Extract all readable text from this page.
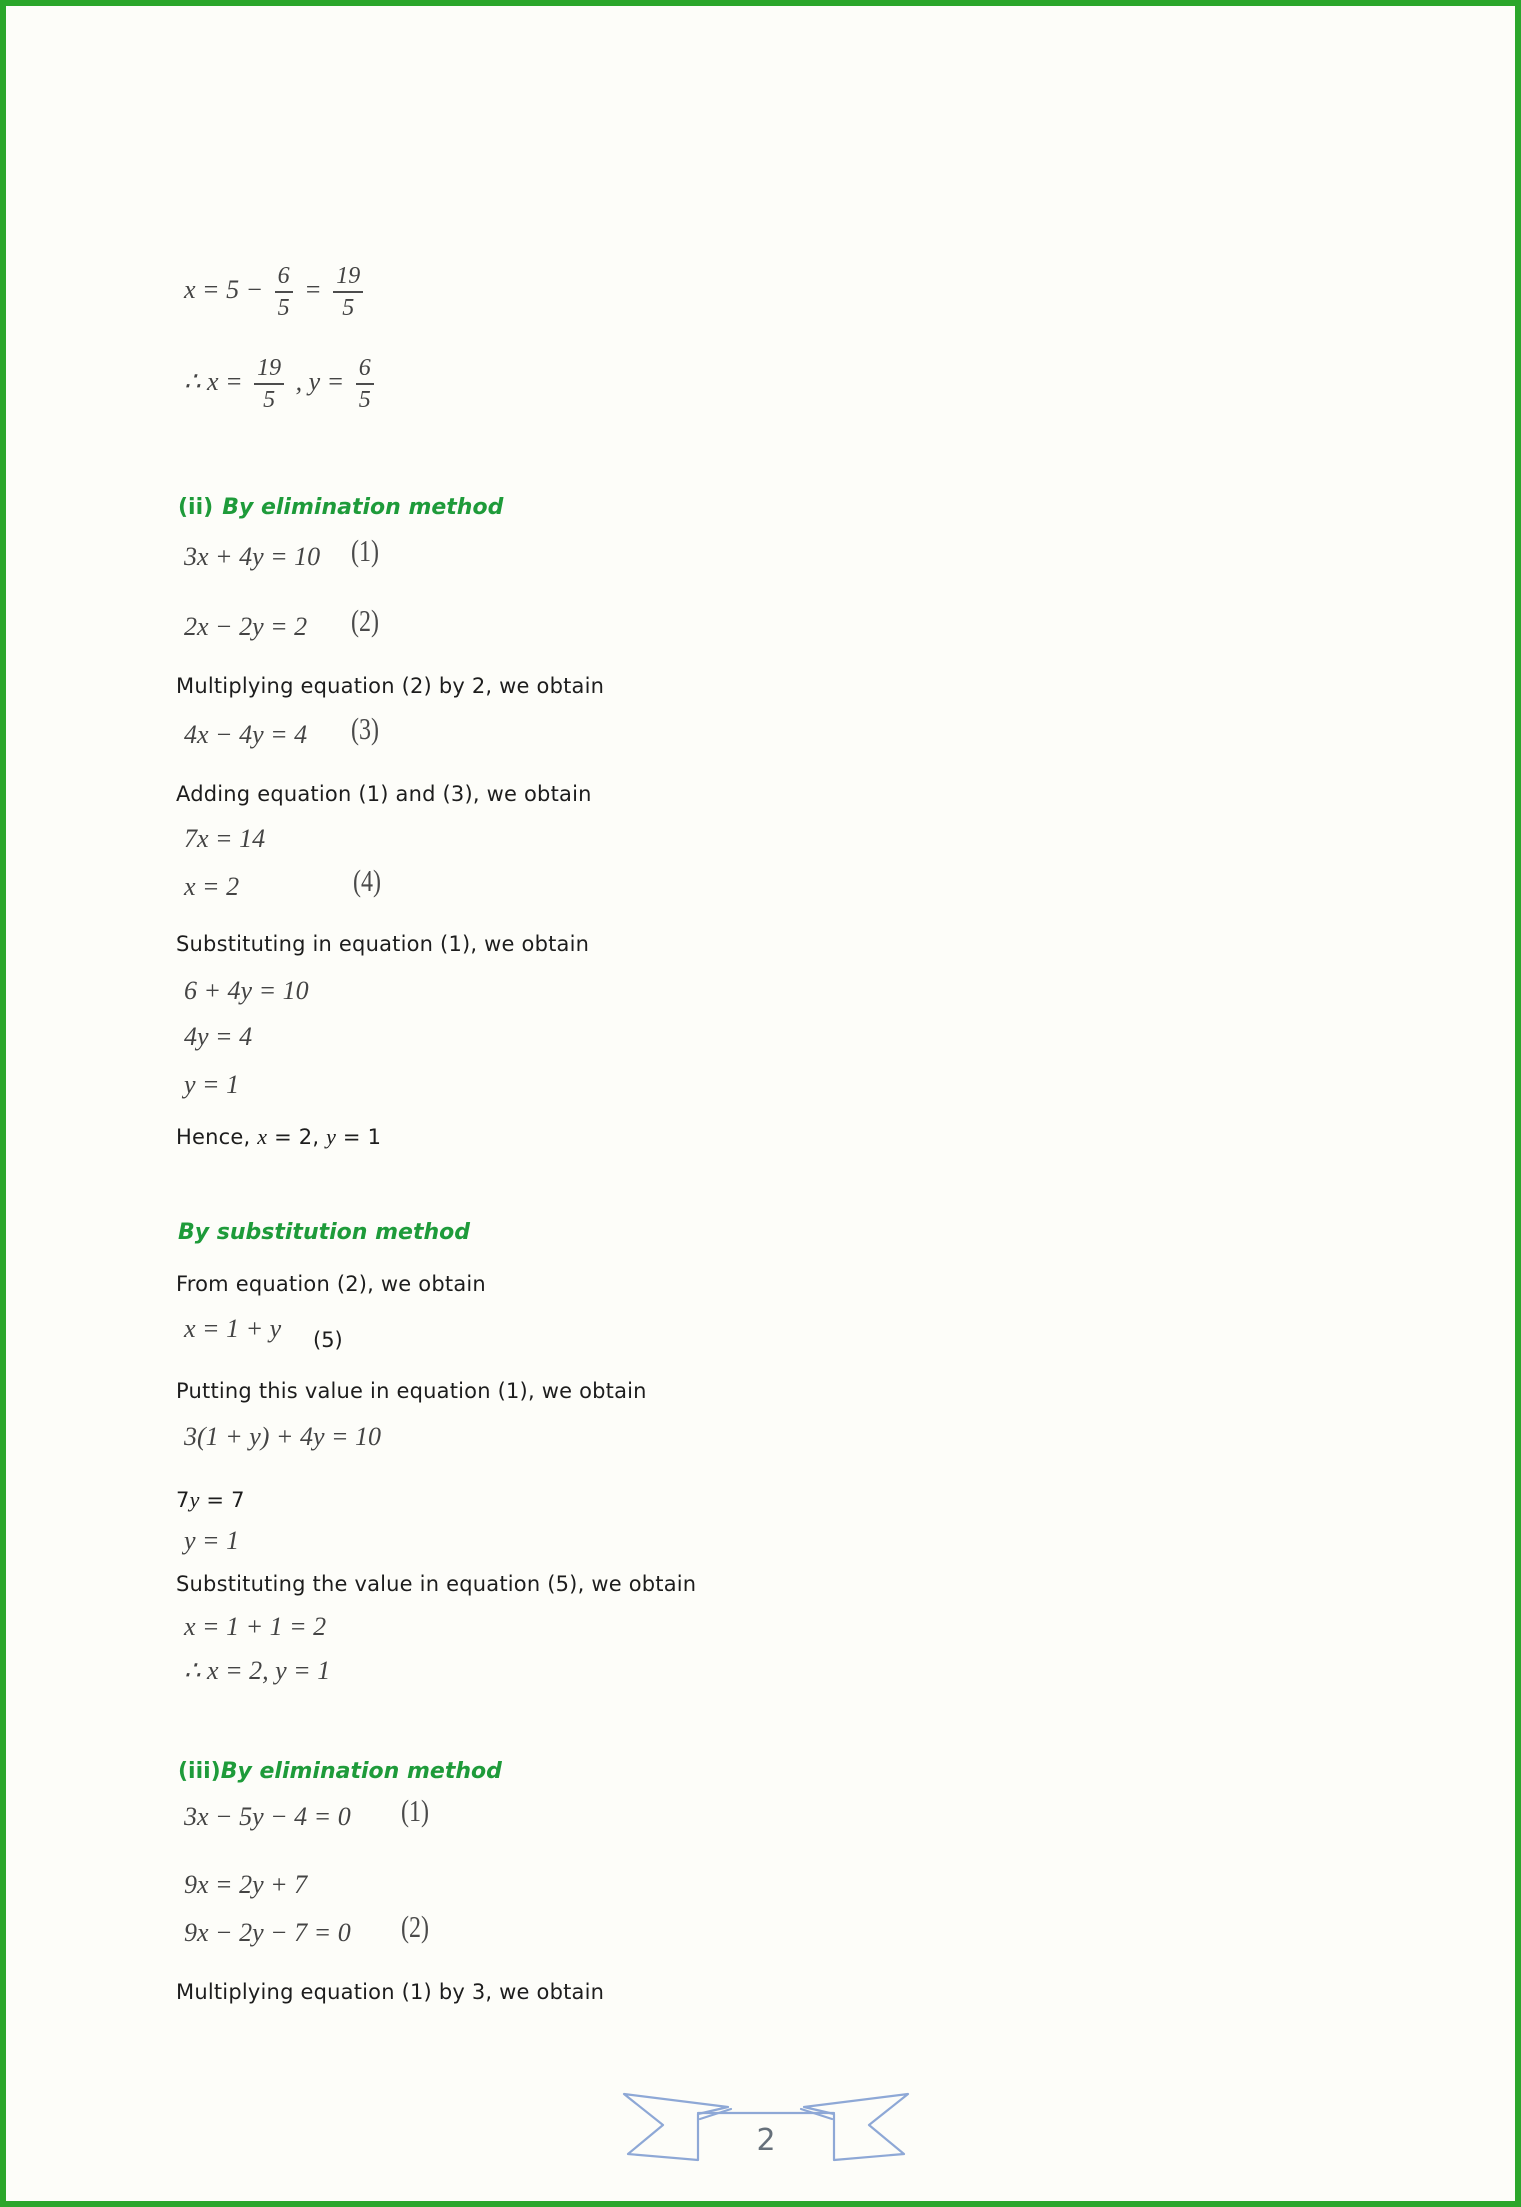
$x = 5 - \frac{6}{5} = \frac{19}{5}$
∴ $x = \frac{19}{5}$ , $y = \frac{6}{5}$
(ii) By elimination method
3x + 4y = 10 (1)
2x − 2y = 2 (2)
Multiplying equation (2) by 2, we obtain
4x − 4y = 4 (3)
Adding equation (1) and (3), we obtain
7x = 14
x = 2	(4)
Substituting in equation (1), we obtain
6 + 4y = 10
4y = 4
y = 1
Hence, x = 2, y = 1
By substitution method
From equation (2), we obtain
x = 1 + y (5)
Putting this value in equation (1), we obtain
3(1 + y) + 4y = 10
7y = 7
y = 1
Substituting the value in equation (5), we obtain
x = 1 + 1 = 2
∴ x = 2, y = 1
(iii)By elimination method
3x − 5y − 4 = 0 (1)
9x = 2y + 7
9x − 2y − 7 = 0 (2)
Multiplying equation (1) by 3, we obtain
2
